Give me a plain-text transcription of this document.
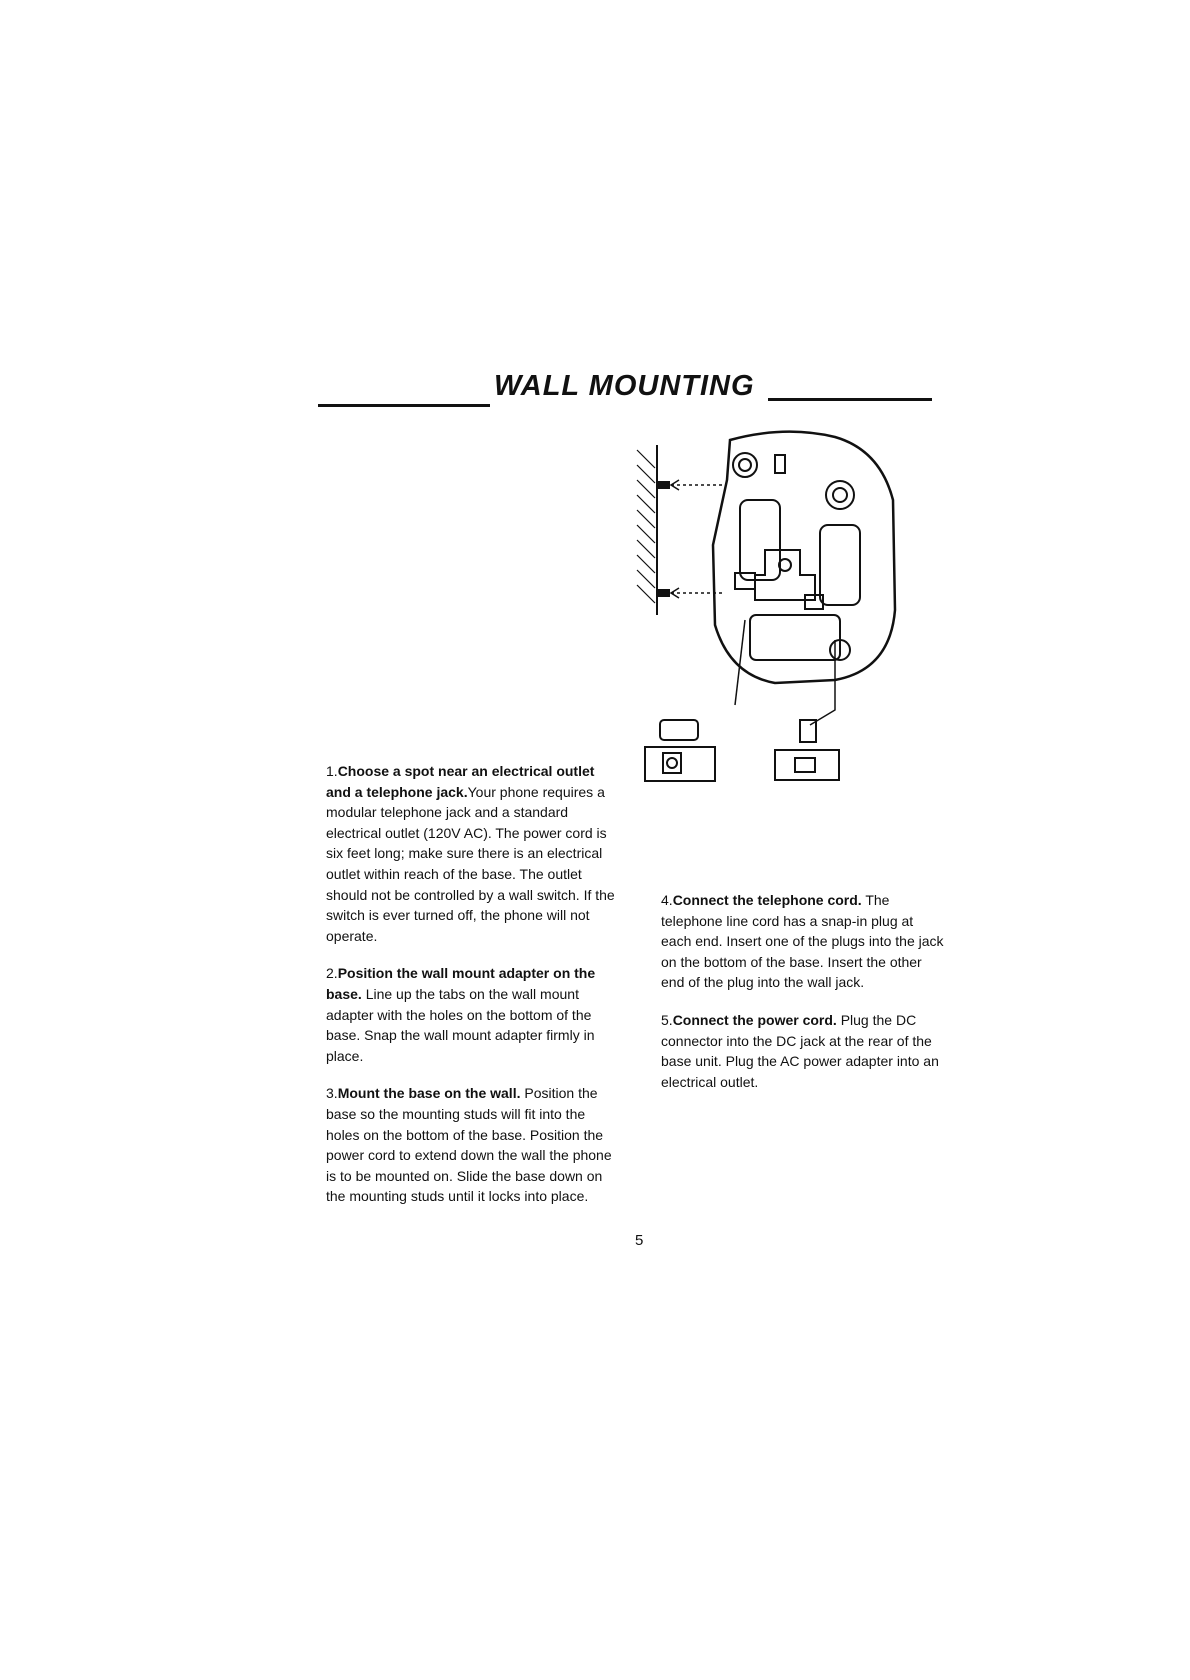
WALL MOUNTING

1.Choose a spot near an electrical outlet and a telephone jack.Your phone requires a modular telephone jack and a standard electrical outlet (120V AC). The power cord is six feet long; make sure there is an electrical outlet within reach of the base. The outlet should not be controlled by a wall switch. If the switch is ever turned off, the phone will not operate.

2.Position the wall mount adapter on the base. Line up the tabs on the wall mount adapter with the holes on the bottom of the base. Snap the wall mount adapter firmly in place.

3.Mount the base on the wall. Position the base so the mounting studs will fit into the holes on the bottom of the base. Position the power cord to extend down the wall the phone is to be mounted on. Slide the base down on the mounting studs until it locks into place.

4.Connect the telephone cord. The telephone line cord has a snap-in plug at each end. Insert one of the plugs into the jack on the bottom of the base. Insert the other end of the plug into the wall jack.

5.Connect the power cord. Plug the DC connector into the DC jack at the rear of the base unit. Plug the AC power adapter into an electrical outlet.

5
